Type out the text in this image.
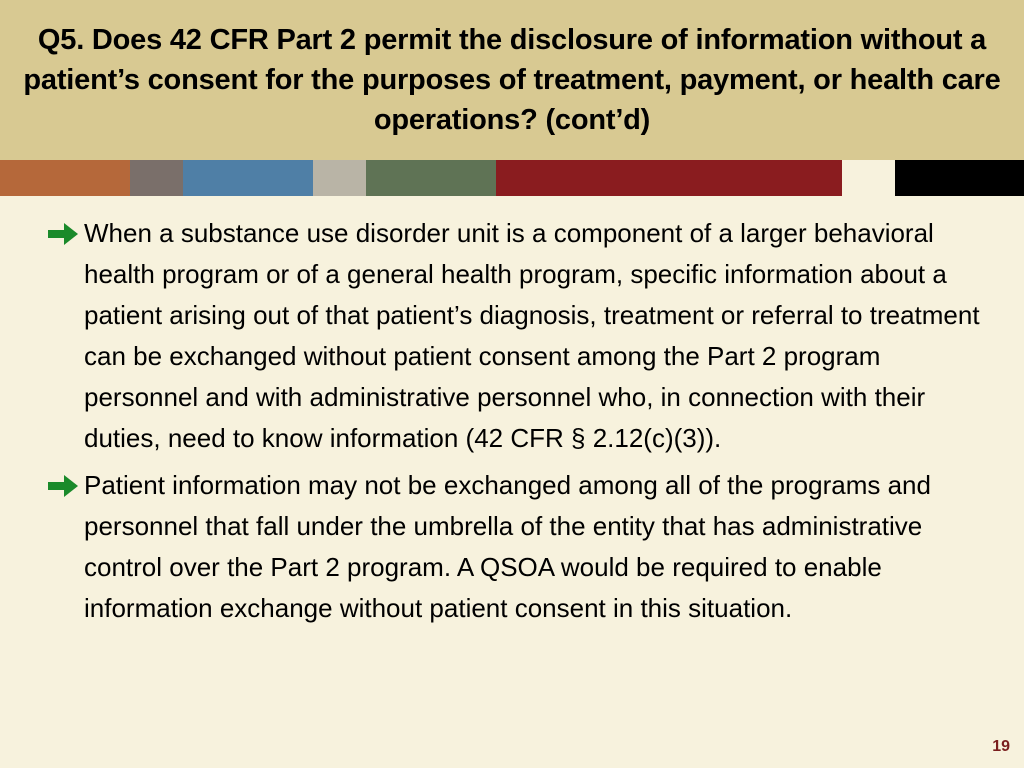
Q5. Does 42 CFR Part 2 permit the disclosure of information without a patient’s consent for the purposes of treatment, payment, or health care operations? (cont’d)
When a substance use disorder unit is a component of a larger behavioral health program or of a general health program, specific information about a patient arising out of that patient’s diagnosis, treatment or referral to treatment can be exchanged without patient consent among the Part 2 program personnel and with administrative personnel who, in connection with their duties, need to know information (42 CFR § 2.12(c)(3)).
Patient information may not be exchanged among all of the programs and personnel that fall under the umbrella of the entity that has administrative control over the Part 2 program. A QSOA would be required to enable information exchange without patient consent in this situation.
19
